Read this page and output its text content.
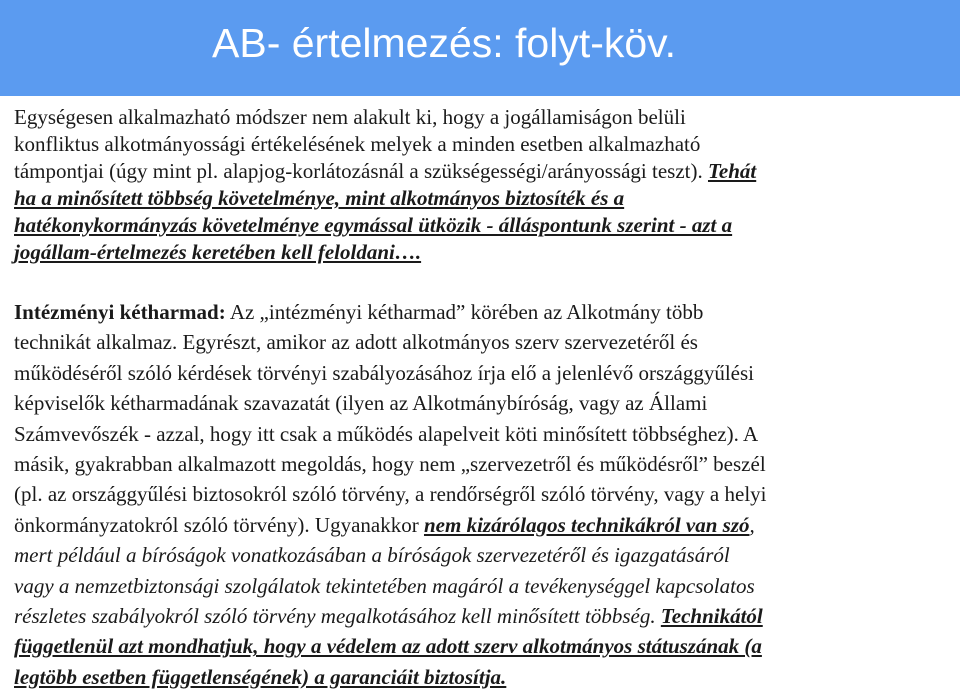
AB- értelmezés: folyt-köv.
Egységesen alkalmazható módszer nem alakult ki, hogy a jogállamiságon belüli
konfliktus alkotmányossági értékelésének melyek a minden esetben alkalmazható
támpontjai (úgy mint pl. alapjog-korlátozásnál a szükségességi/arányossági teszt). Tehát
ha a minősített többség követelménye, mint alkotmányos biztosíték és a
hatékonykormányzás követelménye egymással ütközik - álláspontunk szerint - azt a
jogállam-értelmezés keretében kell feloldani….
Intézményi kétharmad: Az „intézményi kétharmad” körében az Alkotmány több
technikát alkalmaz. Egyrészt, amikor az adott alkotmányos szerv szervezetéről és
működéséről szóló kérdések törvényi szabályozásához írja elő a jelenlévő országgyűlési
képviselők kétharmadának szavazatát (ilyen az Alkotmánybíróság, vagy az Állami
Számvevőszék - azzal, hogy itt csak a működés alapelveit köti minősített többséghez). A
másik, gyakrabban alkalmazott megoldás, hogy nem „szervezetről és működésről” beszél
(pl. az országgyűlési biztosokról szóló törvény, a rendőrségről szóló törvény, vagy a helyi
önkormányzatokról szóló törvény). Ugyanakkor nem kizárólagos technikákról van szó,
mert például a bíróságok vonatkozásában a bíróságok szervezetéről és igazgatásáról
vagy a nemzetbiztonsági szolgálatok tekintetében magáról a tevékenységgel kapcsolatos
részletes szabályokról szóló törvény megalkotásához kell minősített többség. Technikától
függetlenül azt mondhatjuk, hogy a védelem az adott szerv alkotmányos státuszának (a
legtöbb esetben függetlenségének) a garanciáit biztosítja.
